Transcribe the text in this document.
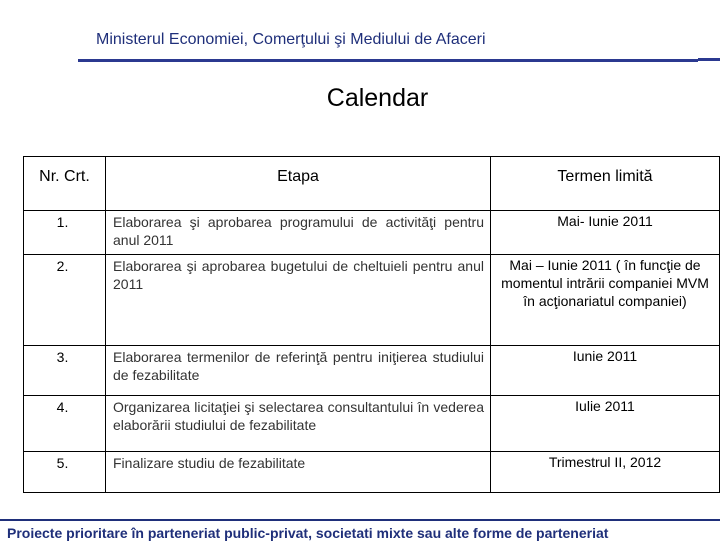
Ministerul Economiei, Comerţului şi Mediului de Afaceri
Calendar
Nr. Crt.	Etapa	Termen limită
1.	Elaborarea şi aprobarea programului de activităţi pentru anul 2011	Mai- Iunie 2011
2.	Elaborarea şi aprobarea bugetului de cheltuieli pentru anul 2011	Mai – Iunie 2011 ( în funcţie de momentul intrării companiei MVM în acţionariatul companiei)
3.	Elaborarea termenilor de referinţă pentru iniţierea studiului de fezabilitate	Iunie 2011
4.	Organizarea licitaţiei şi selectarea consultantului în vederea elaborării studiului de fezabilitate	Iulie 2011
5.	Finalizare studiu de fezabilitate	Trimestrul II, 2012
Proiecte prioritare în parteneriat public-privat, societati mixte sau alte forme de parteneriat
